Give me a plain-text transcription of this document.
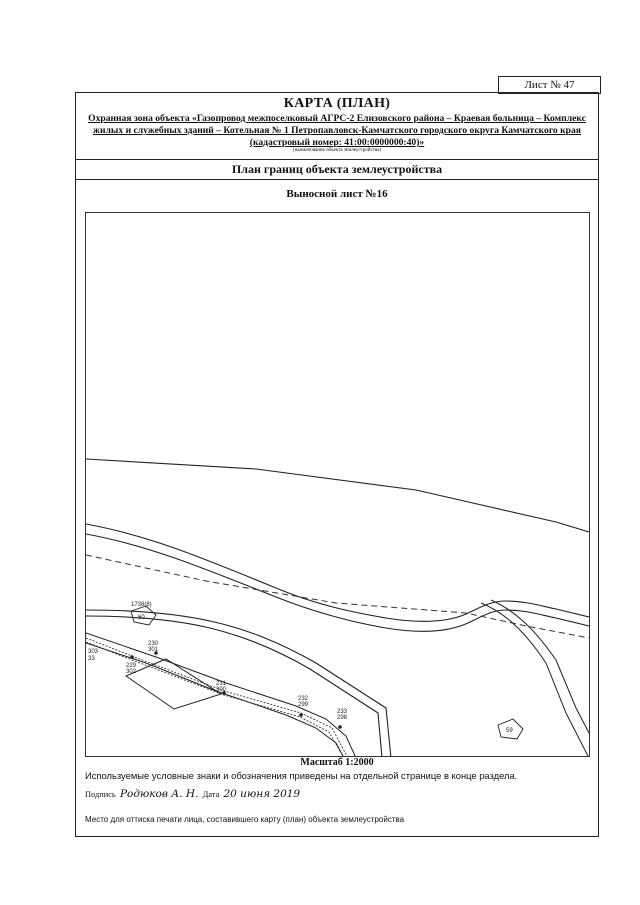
Лист № 47
КАРТА (ПЛАН)
Охранная зона объекта «Газопровод межпоселковый АГРС-2 Елизовского района – Краевая больница – Комплекс жилых и служебных зданий – Котельная № 1 Петропавловск-Камчатского городского округа Камчатского края (кадастровый номер: 41:00:0000000:40)»
(наименование объекта землеустройства)
План границ объекта землеустройства
Выносной лист №16
1738(8)
60
230
301
229
302
231
300
232
299
233
298
303
33
59
Масштаб 1:2000
Используемые условные знаки и обозначения приведены на отдельной странице в конце раздела.
Подпись Родюков А. Н. Дата 20 июня 2019
Место для оттиска печати лица, составившего карту (план) объекта землеустройства
